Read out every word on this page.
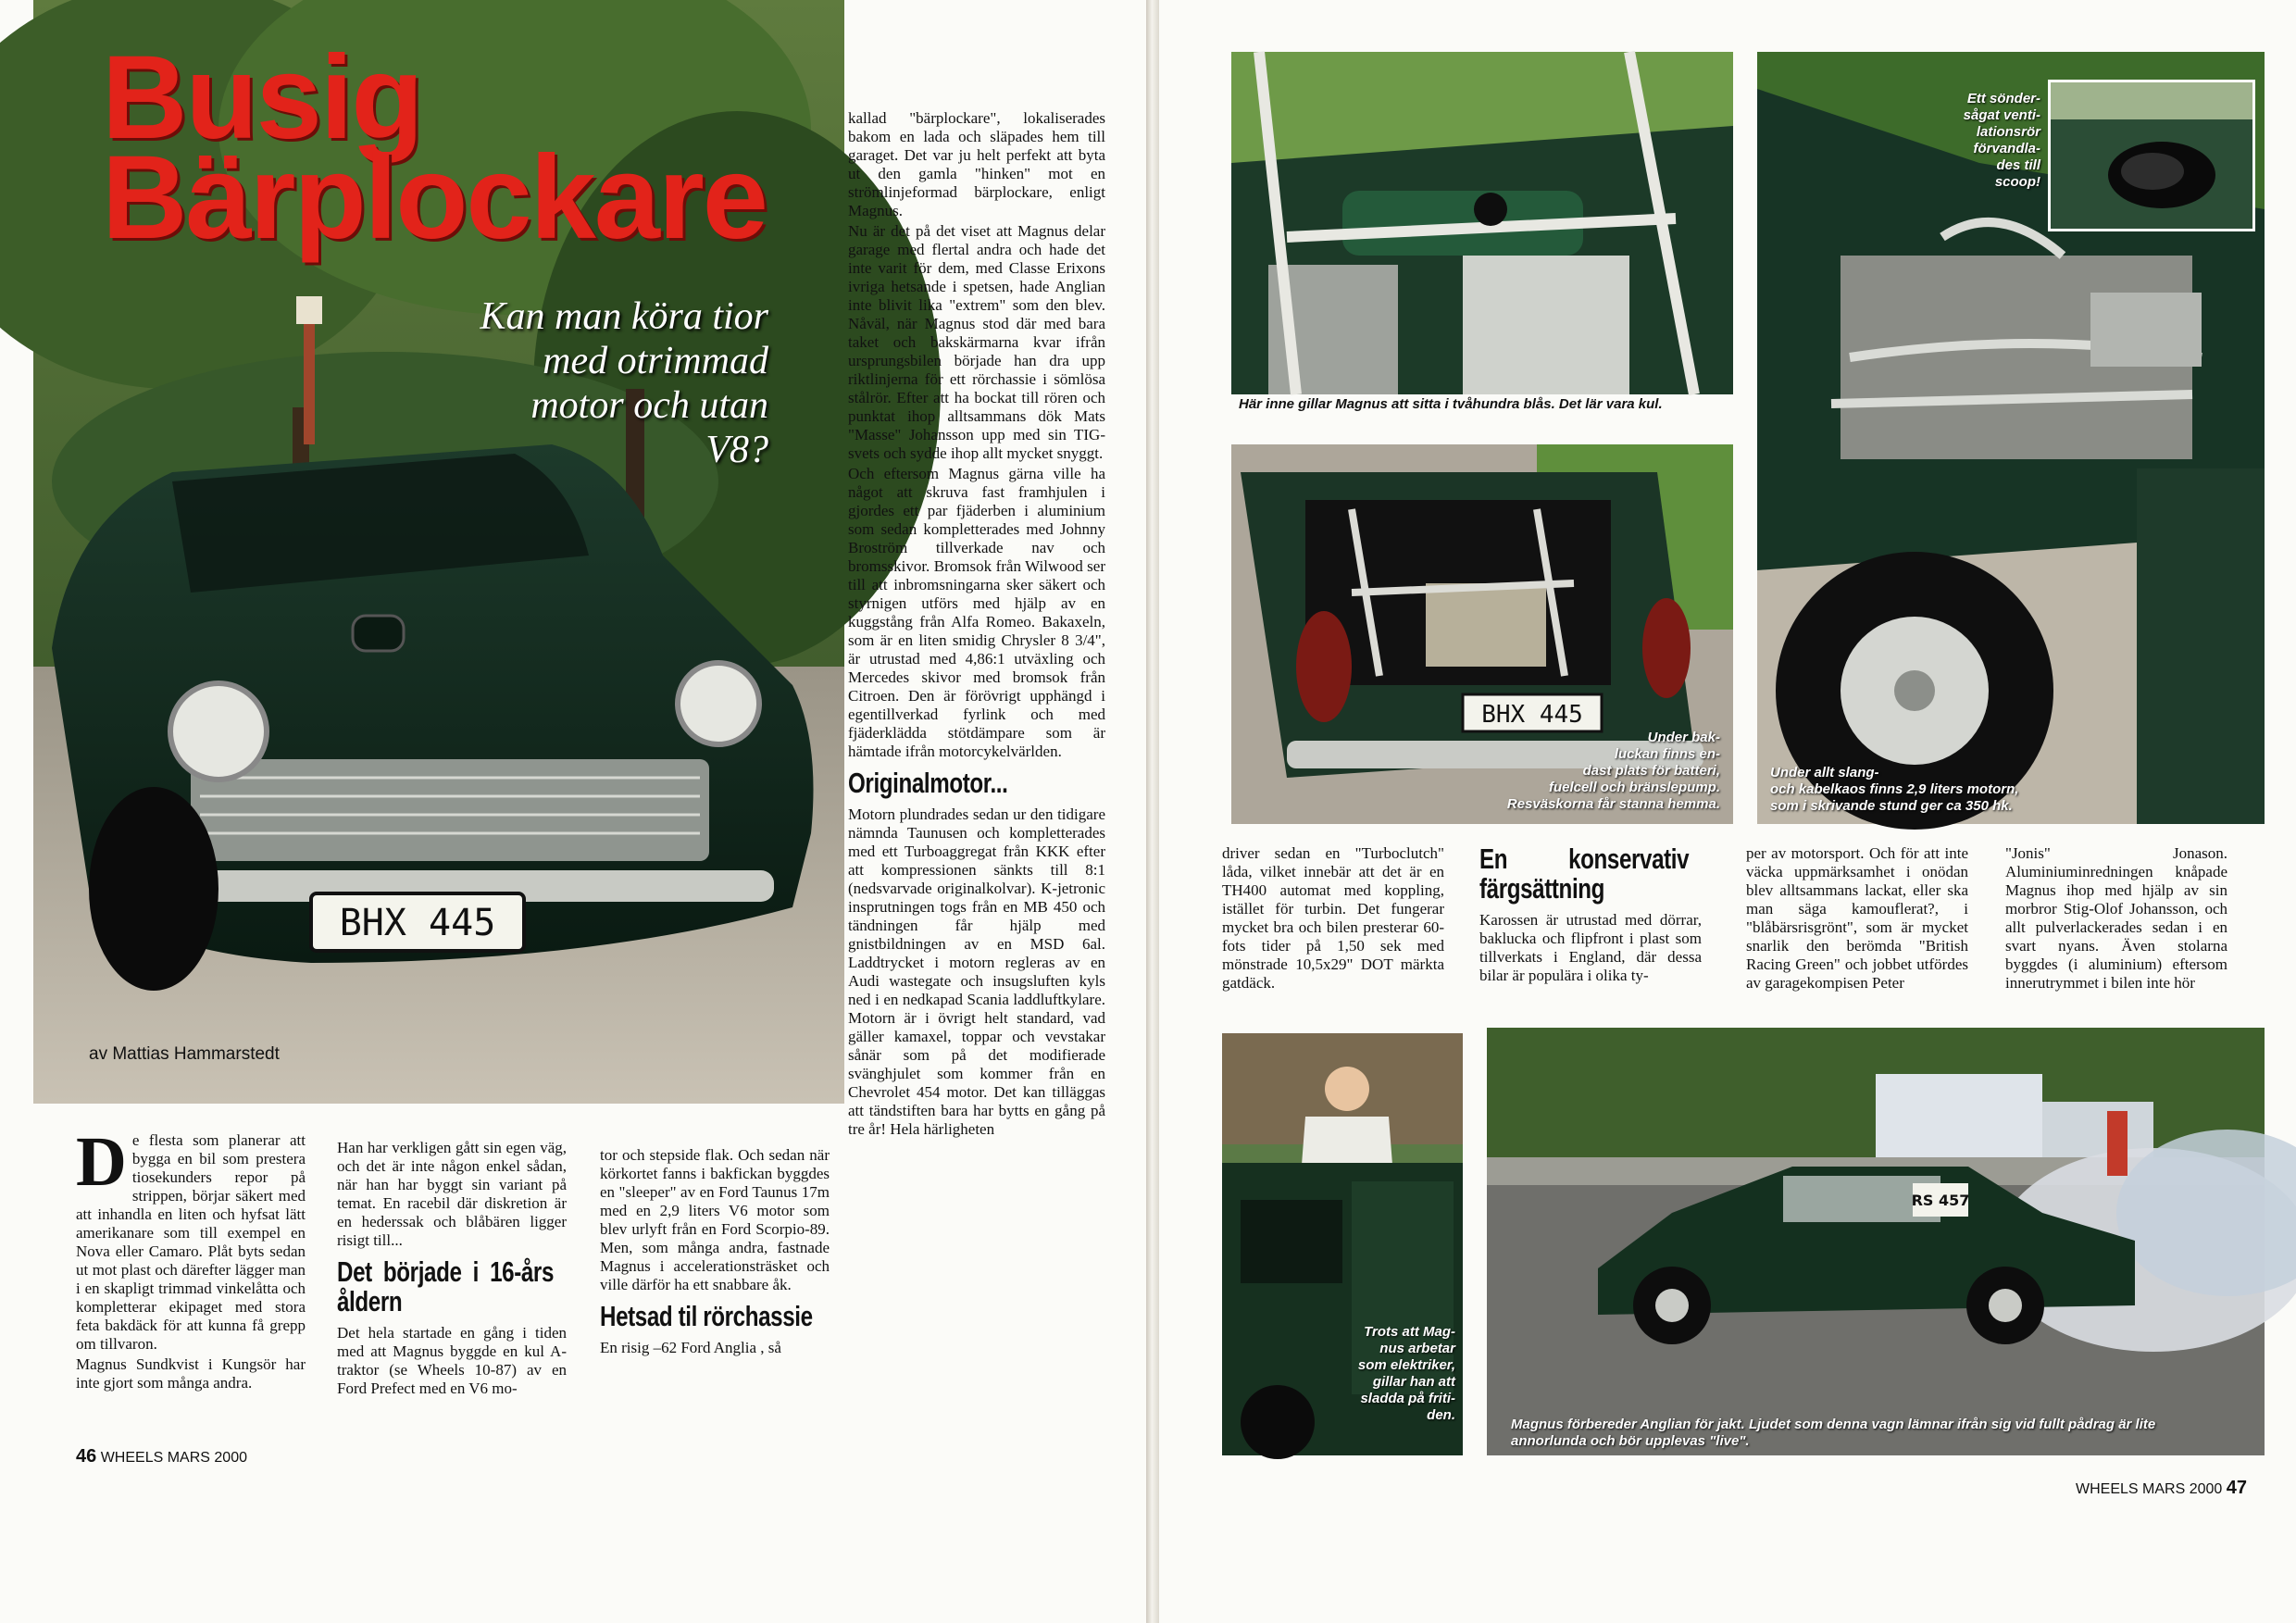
BHX 445
Busig
Bärplockare
Kan man köra tior
med otrimmad
motor och utan
V8?
av Mattias Hammarstedt

De flesta som planerar att bygga en bil som prestera tiosekunders repor på strippen, börjar säkert med att inhandla en liten och hyfsat lätt amerikanare som till exempel en Nova eller Camaro. Plåt byts sedan ut mot plast och därefter lägger man i en skapligt trimmad vinkelåtta och kompletterar ekipaget med stora feta bakdäck för att kunna få grepp om tillvaron.

Magnus Sundkvist i Kungsör har inte gjort som många andra.

Han har verkligen gått sin egen väg, och det är inte någon enkel sådan, när han har byggt sin variant på temat. En racebil där diskretion är en hederssak och blåbären ligger risigt till...

Det började i 16-års åldern

Det hela startade en gång i tiden med att Magnus byggde en kul A-traktor (se Wheels 10-87) av en Ford Prefect med en V6 mo-

tor och stepside flak. Och sedan när körkortet fanns i bakfickan byggdes en "sleeper" av en Ford Taunus 17m med en 2,9 liters V6 motor som blev urlyft från en Ford Scorpio-89. Men, som många andra, fastnade Magnus i accelerationsträsket och ville därför ha ett snabbare åk.

Hetsad til rörchassie

En risig –62 Ford Anglia , så

kallad "bärplockare", lokaliserades bakom en lada och släpades hem till garaget. Det var ju helt perfekt att byta ut den gamla "hinken" mot en strömlinjeformad bärplockare, enligt Magnus.

Nu är det på det viset att Magnus delar garage med flertal andra och hade det inte varit för dem, med Classe Erixons ivriga hetsande i spetsen, hade Anglian inte blivit lika "extrem" som den blev. Nåväl, när Magnus stod där med bara taket och bakskärmarna kvar ifrån ursprungsbilen började han dra upp riktlinjerna för ett rörchassie i sömlösa stålrör. Efter att ha bockat till rören och punktat ihop alltsammans dök Mats "Masse" Johansson upp med sin TIG-svets och sydde ihop allt mycket snyggt.

Och eftersom Magnus gärna ville ha något att skruva fast framhjulen i gjordes ett par fjäderben i aluminium som sedan kompletterades med Johnny Broström tillverkade nav och bromsskivor. Bromsok från Wilwood ser till att inbromsningarna sker säkert och styrnigen utförs med hjälp av en kuggstång från Alfa Romeo. Bakaxeln, som är en liten smidig Chrysler 8 3/4", är utrustad med 4,86:1 utväxling och Mercedes skivor med bromsok från Citroen. Den är förövrigt upphängd i egentillverkad fyrlink och med fjäderklädda stötdämpare som är hämtade ifrån motorcykelvärlden.

Originalmotor...

Motorn plundrades sedan ur den tidigare nämnda Taunusen och kompletterades med ett Turboaggregat från KKK efter att kompressionen sänkts till 8:1 (nedsvarvade originalkolvar). K-jetronic insprutningen togs från en MB 450 och tändningen får hjälp med gnistbildningen av en MSD 6al. Laddtrycket i motorn regleras av en Audi wastegate och insugsluften kyls ned i en nedkapad Scania laddluftkylare. Motorn är i övrigt helt standard, vad gäller kamaxel, toppar och vevstakar sånär som på det modifierade svänghjulet som kommer från en Chevrolet 454 motor. Det kan tilläggas att tändstiften bara har bytts en gång på tre år! Hela härligheten

46 WHEELS MARS 2000
Här inne gillar Magnus att sitta i tvåhundra blås. Det lär vara kul.
Ett sönder-
sågat venti-
lationsrör
förvandla-
des till
scoop!
Under allt slang-
och kabelkaos finns 2,9 liters motorn,
som i skrivande stund ger ca 350 hk.
BHX 445
Under bak-
luckan finns en-
dast plats för batteri,
fuelcell och bränslepump.
Resväskorna får stanna hemma.

driver sedan en "Turboclutch" låda, vilket innebär att det är en TH400 automat med koppling, istället för turbin. Det fungerar mycket bra och bilen presterar 60-fots tider på 1,50 sek med mönstrade 10,5x29" DOT märkta gatdäck.

En konservativ färgsättning

Karossen är utrustad med dörrar, baklucka och flipfront i plast som tillverkats i England, där dessa bilar är populära i olika ty-

per av motorsport. Och för att inte väcka uppmärksamhet i onödan blev alltsammans lackat, eller ska man säga kamouflerat?, i "blåbärsrisgrönt", som är mycket snarlik den berömda "British Racing Green" och jobbet utfördes av garagekompisen Peter

"Jonis" Jonason. Aluminiuminredningen knåpade Magnus ihop med hjälp av sin morbror Stig-Olof Johansson, och allt pulverlackerades sedan i en svart nyans. Även stolarna byggdes (i aluminium) eftersom innerutrymmet i bilen inte hör

Trots att Mag-
nus arbetar
som elektriker,
gillar han att
sladda på friti-
den.
RS 457
Magnus förbereder Anglian för jakt. Ljudet som denna vagn lämnar ifrån sig vid fullt pådrag är lite
annorlunda och bör upplevas "live".
WHEELS MARS 2000 47
